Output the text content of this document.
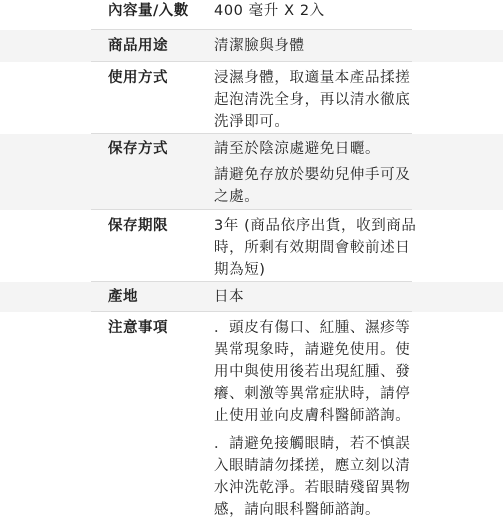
內容量/入數 400 毫升 X 2入
商品用途	清潔臉與身體
使用方式	浸濕身體，取適量本產品揉搓
起泡清洗全身，再以清水徹底
洗淨即可。
保存方式	請至於陰涼處避免日曬。
請避免存放於嬰幼兒伸手可及
之處。
保存期限	3年 (商品依序出貨，收到商品
時，所剩有效期間會較前述日
期為短)
產地	日本
注意事項	．頭皮有傷口、紅腫、濕疹等
異常現象時，請避免使用。使
用中與使用後若出現紅腫、發
癢、刺激等異常症狀時，請停
止使用並向皮膚科醫師諮詢。
．請避免接觸眼睛，若不慎誤
入眼睛請勿揉搓，應立刻以清
水沖洗乾淨。若眼睛殘留異物
感，請向眼科醫師諮詢。
